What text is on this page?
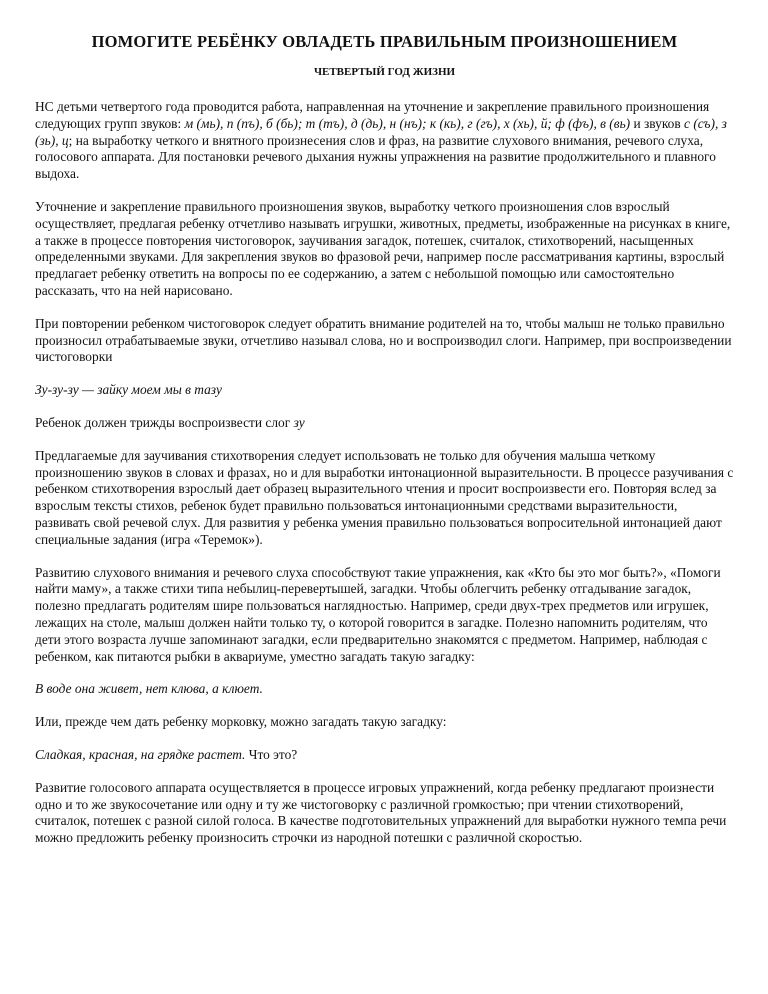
ПОМОГИТЕ РЕБЁНКУ ОВЛАДЕТЬ ПРАВИЛЬНЫМ ПРОИЗНОШЕНИЕМ
ЧЕТВЕРТЫЙ ГОД ЖИЗНИ

НС детьми четвертого года проводится работа, направленная на уточнение и закрепление правильного произношения следующих групп звуков: м (мь), п (пъ), б (бь); т (тъ), д (дь), н (нъ); к (кь), г (гъ), х (хь), й; ф (фъ), в (вь) и звуков с (съ), з (зь), ц; на выработку четкого и внятного произнесения слов и фраз, на развитие слухового внимания, речевого слуха, голосового аппарата. Для постановки речевого дыхания нужны упражнения на развитие продолжительного и плавного выдоха.

Уточнение и закрепление правильного произношения звуков, выработку четкого произношения слов взрослый осуществляет, предлагая ребенку отчетливо называть игрушки, животных, предметы, изображенные на рисунках в книге, а также в процессе повторения чистоговорок, заучивания загадок, потешек, считалок, стихотворений, насыщенных определенными звуками. Для закрепления звуков во фразовой речи, например после рассматривания картины, взрослый предлагает ребенку ответить на вопросы по ее содержанию, а затем с небольшой помощью или самостоятельно рассказать, что на ней нарисовано.

При повторении ребенком чистоговорок следует обратить внимание родителей на то, чтобы малыш не только правильно произносил отрабатываемые звуки, отчетливо называл слова, но и воспроизводил слоги. Например, при воспроизведении чистоговорки

Зу-зу-зу — зайку моем мы в тазу

Ребенок должен трижды воспроизвести слог зу

Предлагаемые для заучивания стихотворения следует использовать не только для обучения малыша четкому произношению звуков в словах и фразах, но и для выработки интонационной выразительности. В процессе разучивания с ребенком стихотворения взрослый дает образец выразительного чтения и просит воспроизвести его. Повторяя вслед за взрослым тексты стихов, ребенок будет правильно пользоваться интонационными средствами выразительности, развивать свой речевой слух. Для развития у ребенка умения правильно пользоваться вопросительной интонацией дают специальные задания (игра «Теремок»).

Развитию слухового внимания и речевого слуха способствуют такие упражнения, как «Кто бы это мог быть?», «Помоги найти маму», а также стихи типа небылиц-перевертышей, загадки. Чтобы облегчить ребенку отгадывание загадок, полезно предлагать родителям шире пользоваться наглядностью. Например, среди двух-трех предметов или игрушек, лежащих на столе, малыш должен найти только ту, о которой говорится в загадке. Полезно напомнить родителям, что дети этого возраста лучше запоминают загадки, если предварительно знакомятся с предметом. Например, наблюдая с ребенком, как питаются рыбки в аквариуме, уместно загадать такую загадку:

В воде она живет, нет клюва, а клюет.

Или, прежде чем дать ребенку морковку, можно загадать такую загадку:

Сладкая, красная, на грядке растет. Что это?

Развитие голосового аппарата осуществляется в процессе игровых упражнений, когда ребенку предлагают произнести одно и то же звукосочетание или одну и ту же чистоговорку с различной громкостью; при чтении стихотворений, считалок, потешек с разной силой голоса. В качестве подготовительных упражнений для выработки нужного темпа речи можно предложить ребенку произносить строчки из народной потешки с различной скоростью.
